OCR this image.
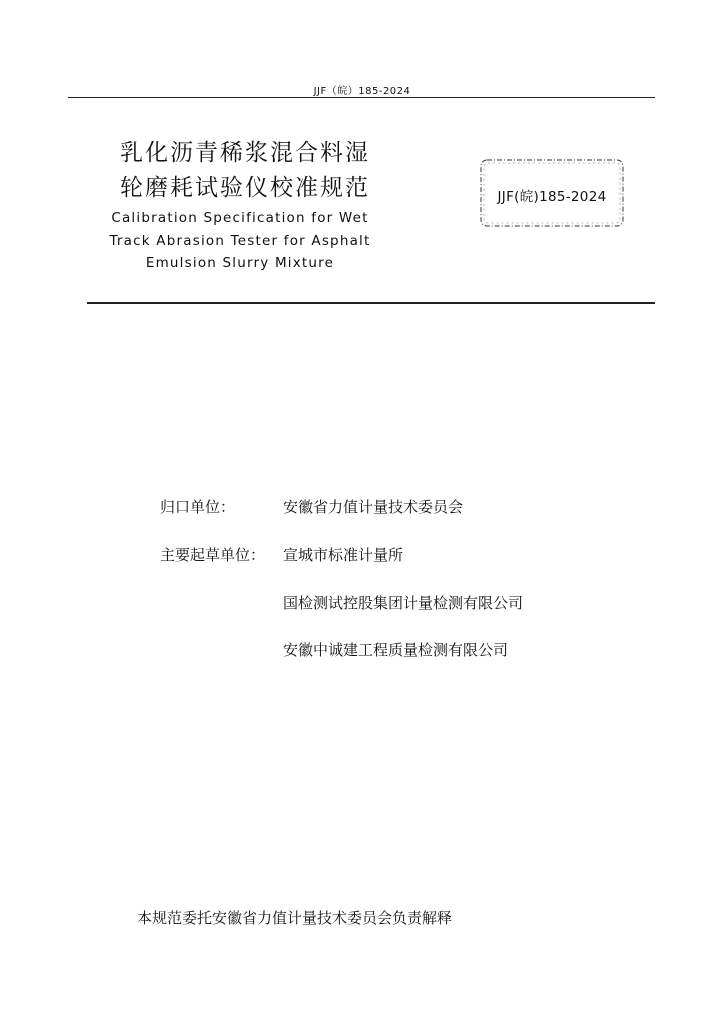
JJF（皖）185-2024
乳化沥青稀浆混合料湿
轮磨耗试验仪校准规范
Calibration Specification for Wet
Track Abrasion Tester for Asphalt
Emulsion Slurry Mixture
JJF(皖)185-2024
归口单位：	安徽省力值计量技术委员会
主要起草单位： 宣城市标准计量所
国检测试控股集团计量检测有限公司
安徽中诚建工程质量检测有限公司
本规范委托安徽省力值计量技术委员会负责解释
